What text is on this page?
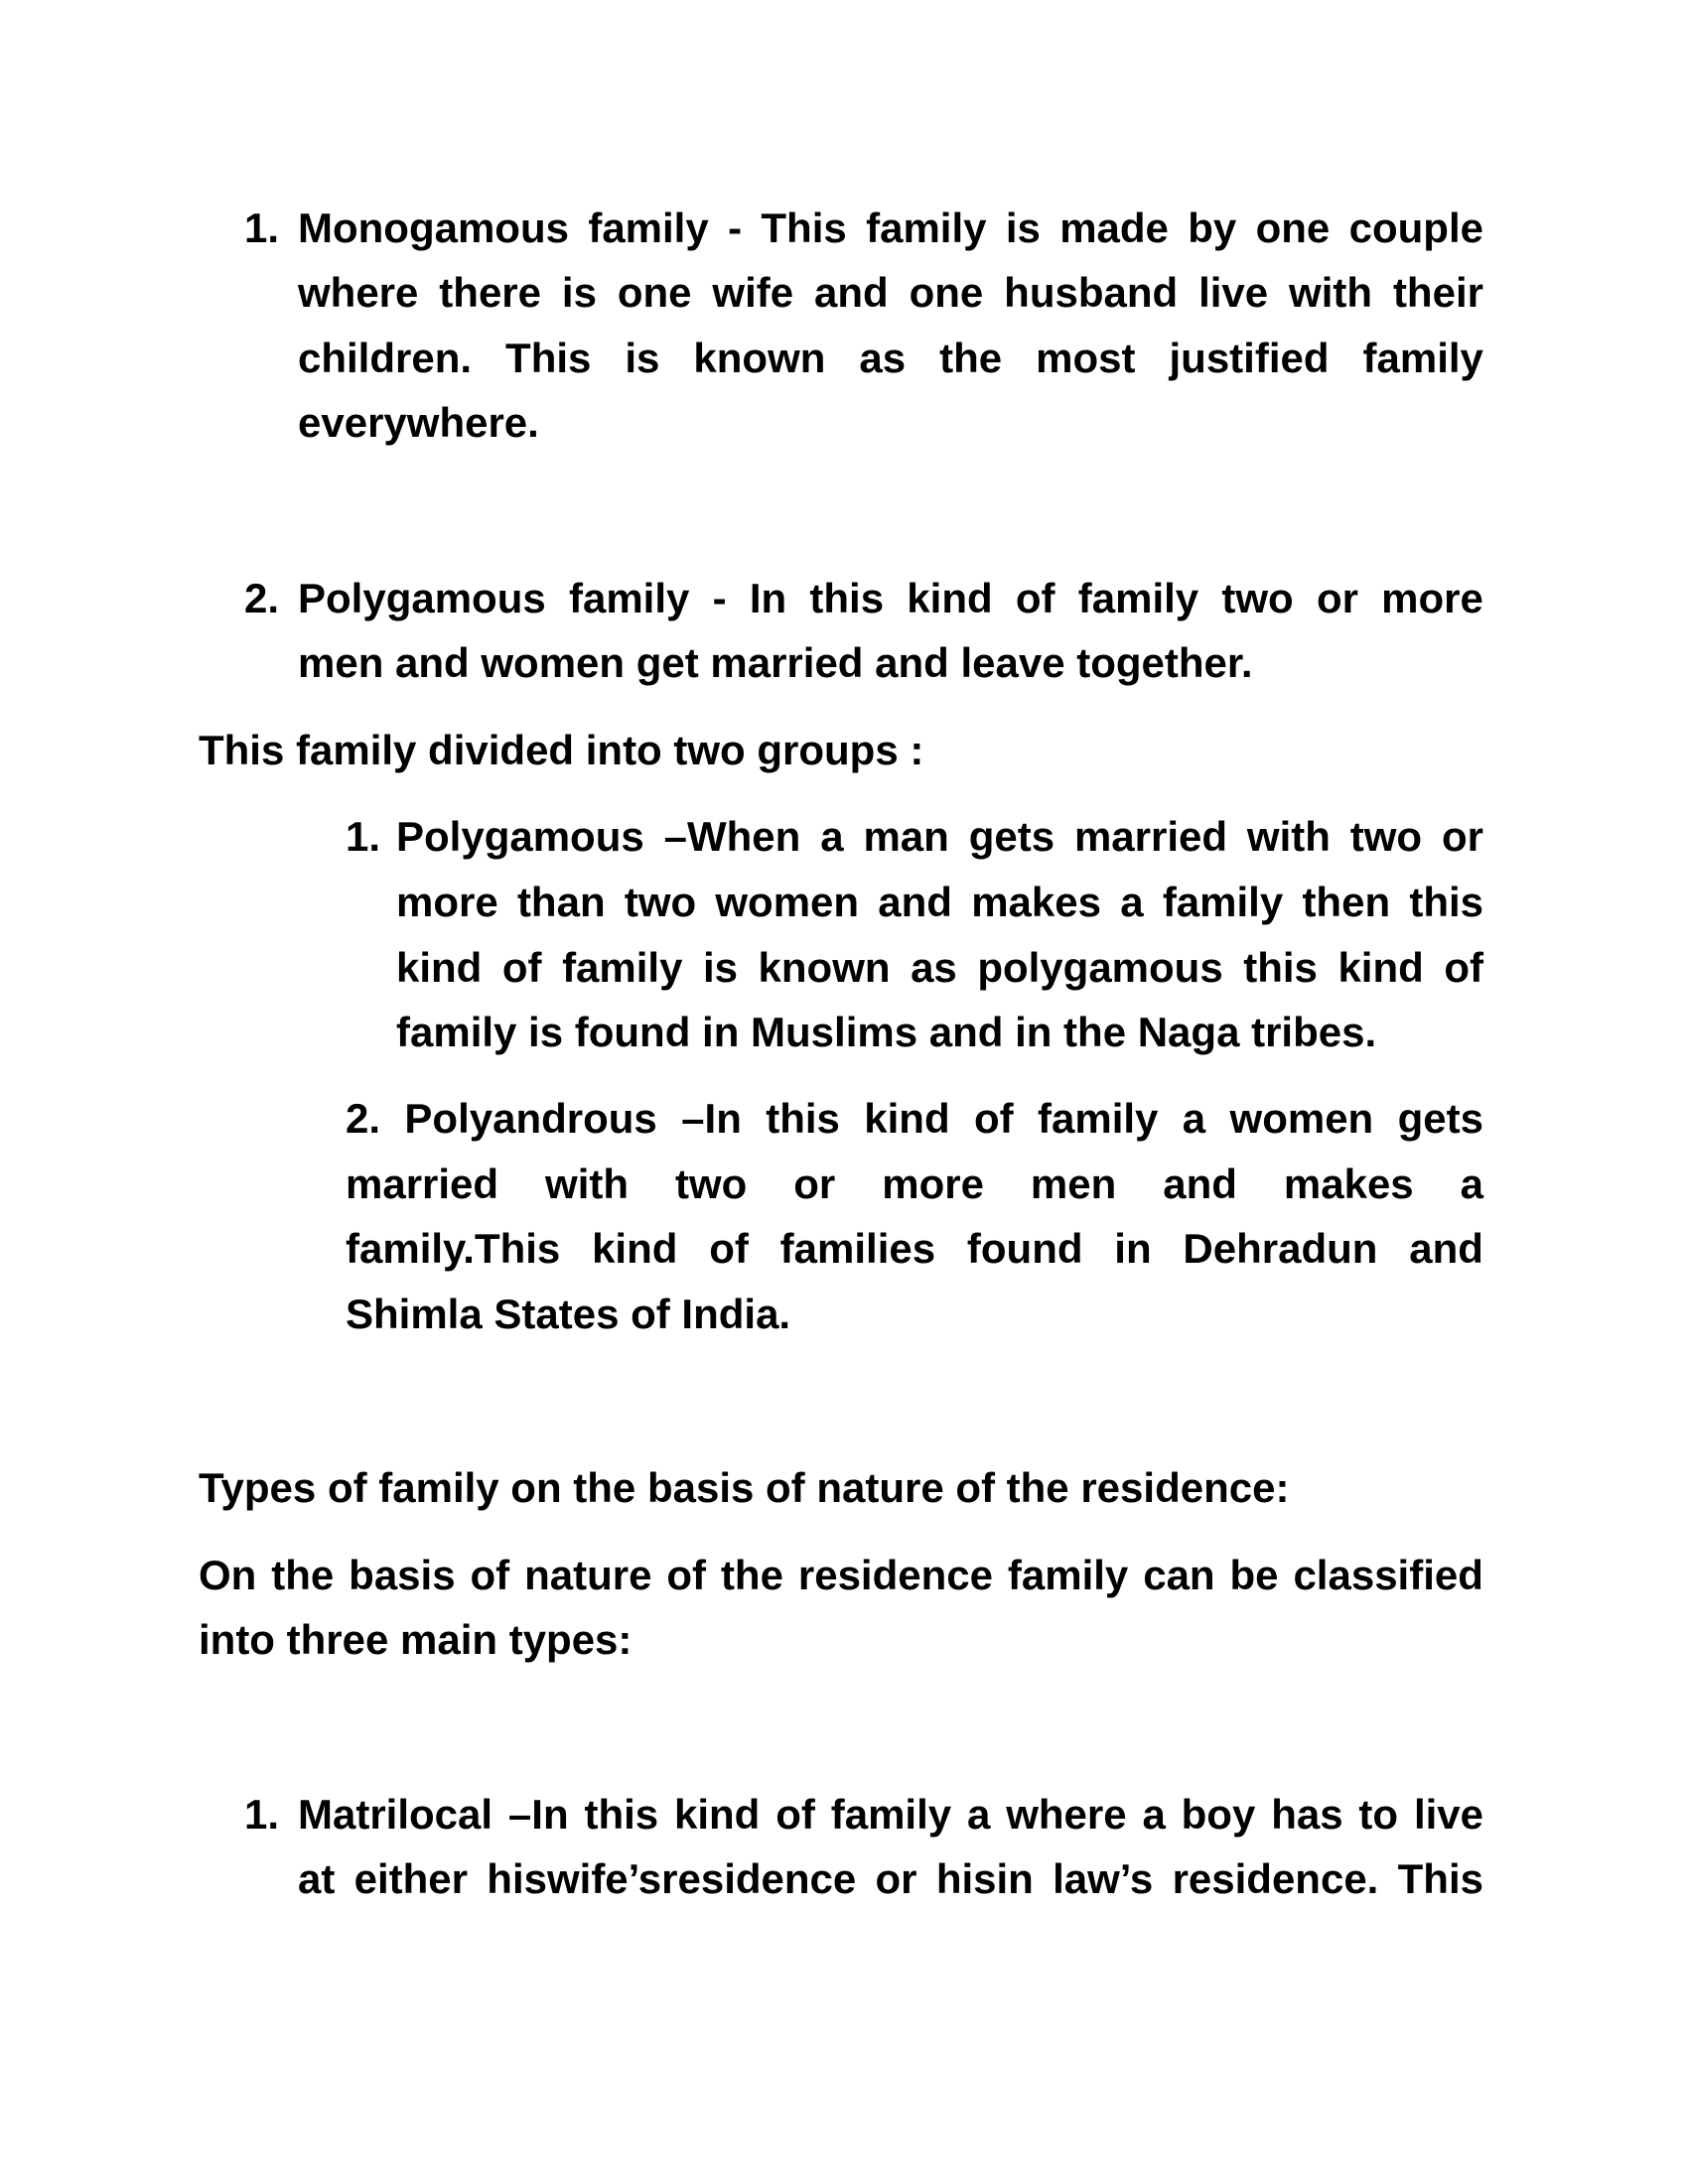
1. Monogamous family - This family is made by one couple
where there is one wife and one husband live with their
children. This is known as the most justified family
everywhere.
2. Polygamous family - In this kind of family two or more
men and women get married and leave together.
This family divided into two groups :
1. Polygamous –When a man gets married with two or
more than two women and makes a family then this
kind of family is known as polygamous this kind of
family is found in Muslims and in the Naga tribes.
2. Polyandrous –In this kind of family a women gets
married with two or more men and makes a
family.This kind of families found in Dehradun and
Shimla States of India.
Types of family on the basis of nature of the residence:
On the basis of nature of the residence family can be classified
into three main types:
1. Matrilocal –In this kind of family a where a boy has to live
at either hiswife’sresidence or hisin law’s residence. This
